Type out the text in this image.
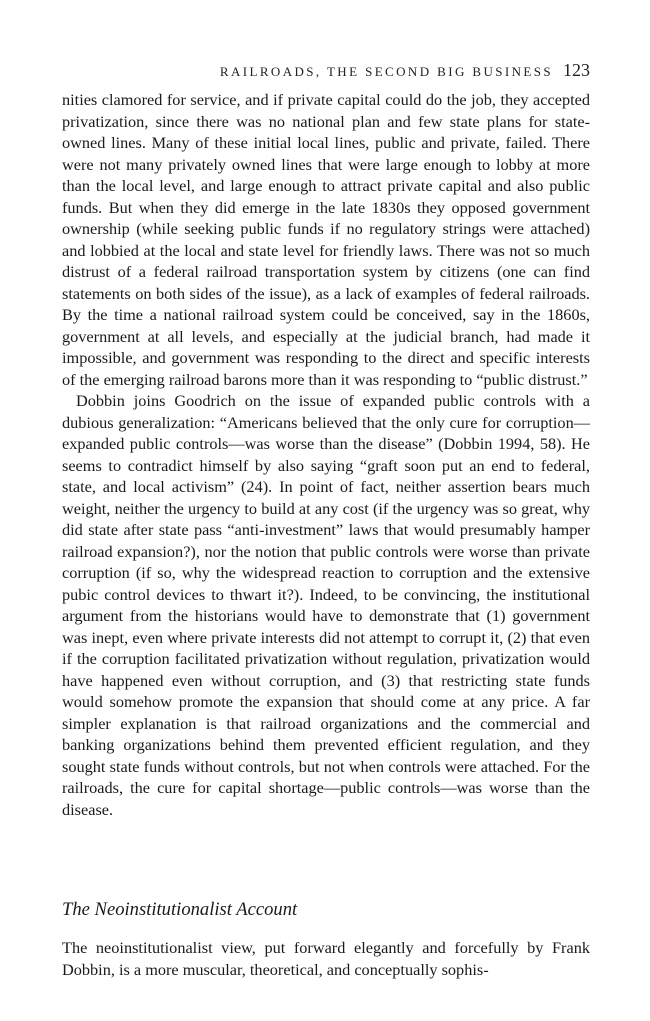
RAILROADS, THE SECOND BIG BUSINESS 123

nities clamored for service, and if private capital could do the job, they accepted privatization, since there was no national plan and few state plans for state-owned lines. Many of these initial local lines, public and private, failed. There were not many privately owned lines that were large enough to lobby at more than the local level, and large enough to attract private capital and also public funds. But when they did emerge in the late 1830s they opposed government ownership (while seeking public funds if no regulatory strings were attached) and lobbied at the local and state level for friendly laws. There was not so much distrust of a federal railroad transportation system by citizens (one can find statements on both sides of the issue), as a lack of examples of federal railroads. By the time a national railroad system could be conceived, say in the 1860s, government at all levels, and especially at the judicial branch, had made it impossible, and government was responding to the direct and specific interests of the emerging railroad barons more than it was responding to “public distrust.”

Dobbin joins Goodrich on the issue of expanded public controls with a dubious generalization: “Americans believed that the only cure for corruption—expanded public controls—was worse than the disease” (Dobbin 1994, 58). He seems to contradict himself by also saying “graft soon put an end to federal, state, and local activism” (24). In point of fact, neither assertion bears much weight, neither the urgency to build at any cost (if the urgency was so great, why did state after state pass “anti-investment” laws that would presumably hamper railroad expansion?), nor the notion that public controls were worse than private corruption (if so, why the widespread reaction to corruption and the extensive pubic control devices to thwart it?). Indeed, to be convincing, the institutional argument from the historians would have to demonstrate that (1) government was inept, even where private interests did not attempt to corrupt it, (2) that even if the corruption facilitated privatization without regulation, privatization would have happened even without corruption, and (3) that restricting state funds would somehow promote the expansion that should come at any price. A far simpler explanation is that railroad organizations and the commercial and banking organizations behind them prevented efficient regulation, and they sought state funds without controls, but not when controls were attached. For the railroads, the cure for capital shortage—public controls—was worse than the disease.

The Neoinstitutionalist Account

The neoinstitutionalist view, put forward elegantly and forcefully by Frank Dobbin, is a more muscular, theoretical, and conceptually sophis-
